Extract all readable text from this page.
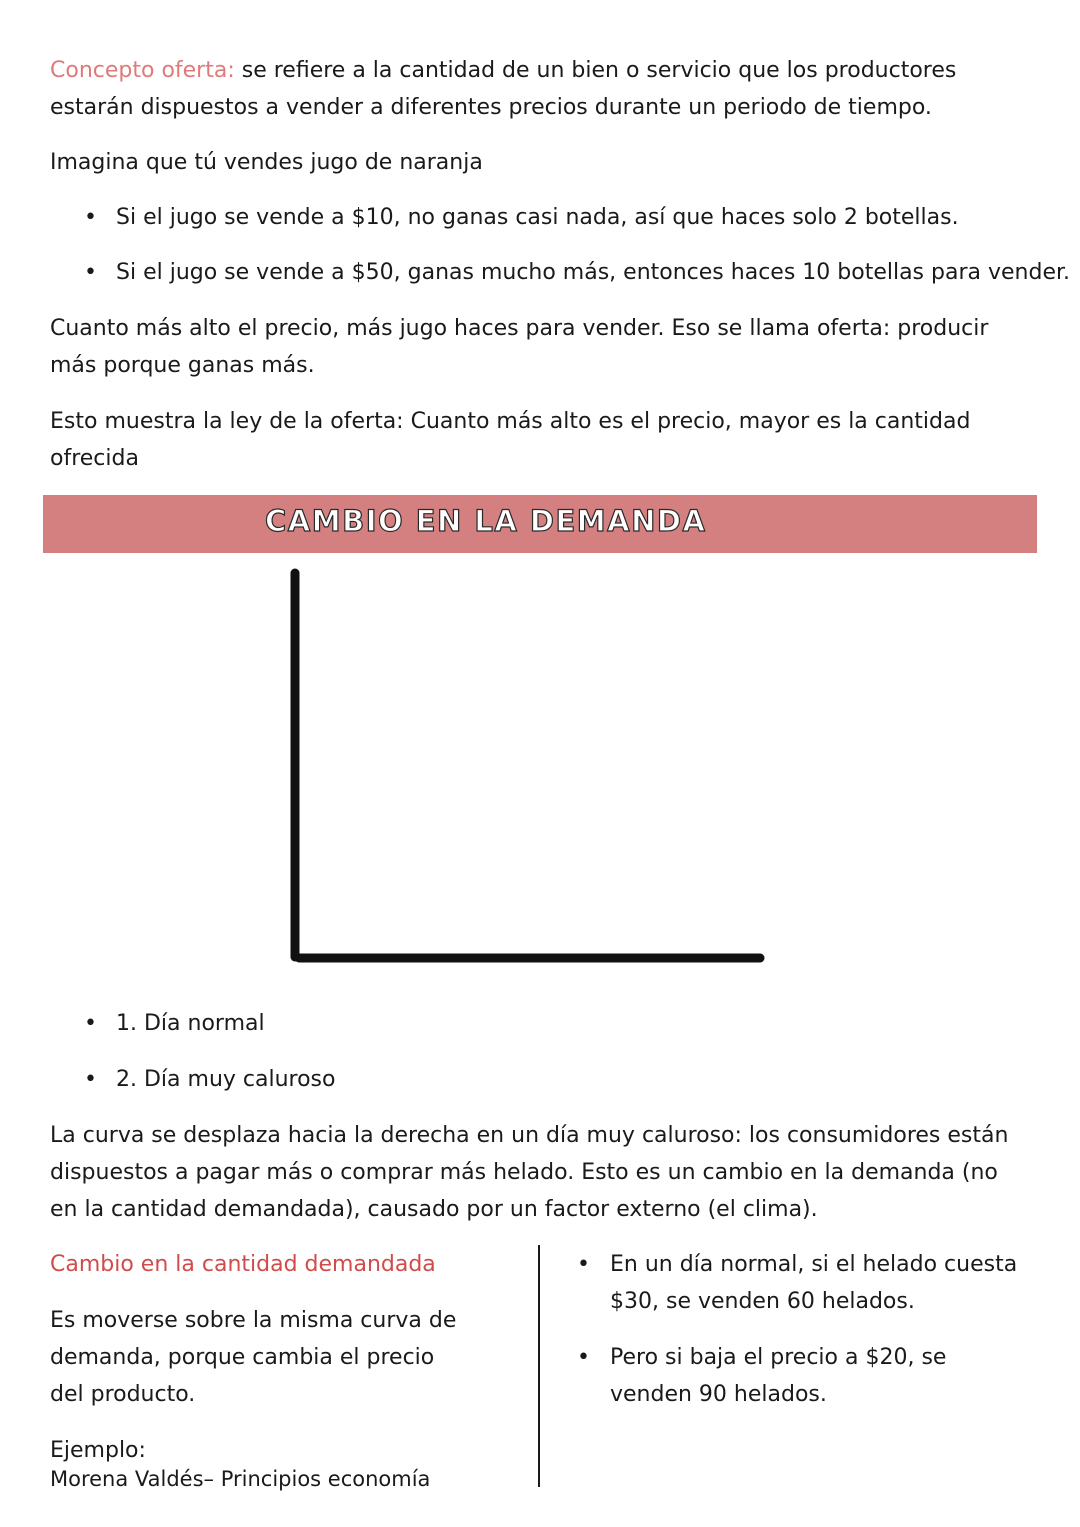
Concepto oferta: se refiere a la cantidad de un bien o servicio que los productores estarán dispuestos a vender a diferentes precios durante un periodo de tiempo.

Imagina que tú vendes jugo de naranja

• Si el jugo se vende a $10, no ganas casi nada, así que haces solo 2 botellas.
• Si el jugo se vende a $50, ganas mucho más, entonces haces 10 botellas para vender.

Cuanto más alto el precio, más jugo haces para vender. Eso se llama oferta: producir más porque ganas más.

Esto muestra la ley de la oferta: Cuanto más alto es el precio, mayor es la cantidad ofrecida

CAMBIO EN LA DEMANDA
• 1. Día normal
• 2. Día muy caluroso

La curva se desplaza hacia la derecha en un día muy caluroso: los consumidores están dispuestos a pagar más o comprar más helado. Esto es un cambio en la demanda (no en la cantidad demandada), causado por un factor externo (el clima).

Cambio en la cantidad demandada
Es moverse sobre la misma curva de demanda, porque cambia el precio del producto.
Ejemplo:
• En un día normal, si el helado cuesta $30, se venden 60 helados.
• Pero si baja el precio a $20, se venden 90 helados.
Morena Valdés– Principios economía
